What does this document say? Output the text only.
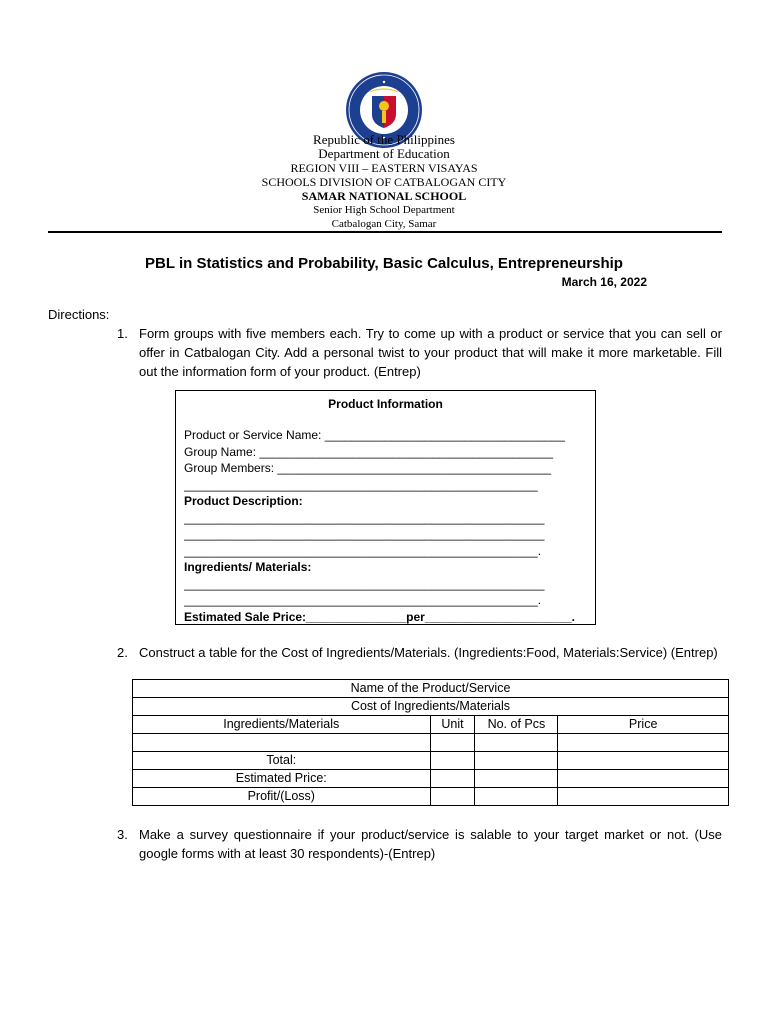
Republic of the Philippines
Department of Education
REGION VIII – EASTERN VISAYAS
SCHOOLS DIVISION OF CATBALOGAN CITY
SAMAR NATIONAL SCHOOL
Senior High School Department
Catbalogan City, Samar
PBL in Statistics and Probability, Basic Calculus, Entrepreneurship
March 16, 2022
Directions:
1. Form groups with five members each. Try to come up with a product or service that you can sell or offer in Catbalogan City. Add a personal twist to your product that will make it more marketable. Fill out the information form of your product. (Entrep)
Product Information
Product or Service Name: ____________________________________
Group Name: ____________________________________________
Group Members: _________________________________________
_____________________________________________________
Product Description:
______________________________________________________
______________________________________________________
_____________________________________________________.
Ingredients/ Materials:
______________________________________________________
_____________________________________________________.
Estimated Sale Price:_______________per______________________.
2. Construct a table for the Cost of Ingredients/Materials. (Ingredients:Food, Materials:Service) (Entrep)
Name of the Product/Service			
Cost of Ingredients/Materials			
Ingredients/Materials	Unit	No. of Pcs	Price

Total:			
Estimated Price:			
Profit/(Loss)			
3. Make a survey questionnaire if your product/service is salable to your target market or not. (Use google forms with at least 30 respondents)-(Entrep)
